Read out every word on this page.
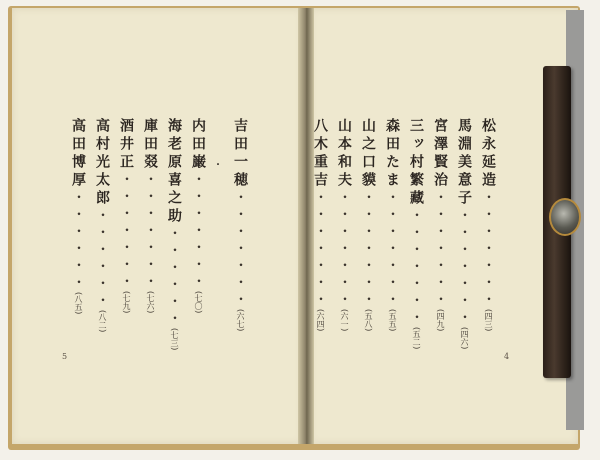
松永延造・・・・・・・(四三)
馬淵美意子・・・・・・・(四六)
宮澤賢治・・・・・・・(四九)
三ッ村繁藏・・・・・・・(五二)
森田たま・・・・・・・(五五)
山之口貘・・・・・・・(五八)
山本和夫・・・・・・・(六一)
八木重吉・・・・・・・(六四)
4
吉田一穂・・・・・・・(六七)
・
内田巌・・・・・・・(七〇)
海老原喜之助・・・・・・(七三)
庫田叕・・・・・・・(七六)
酒井正・・・・・・・(七九)
高村光太郎・・・・・・(八二)
高田博厚・・・・・・(八五)
5
